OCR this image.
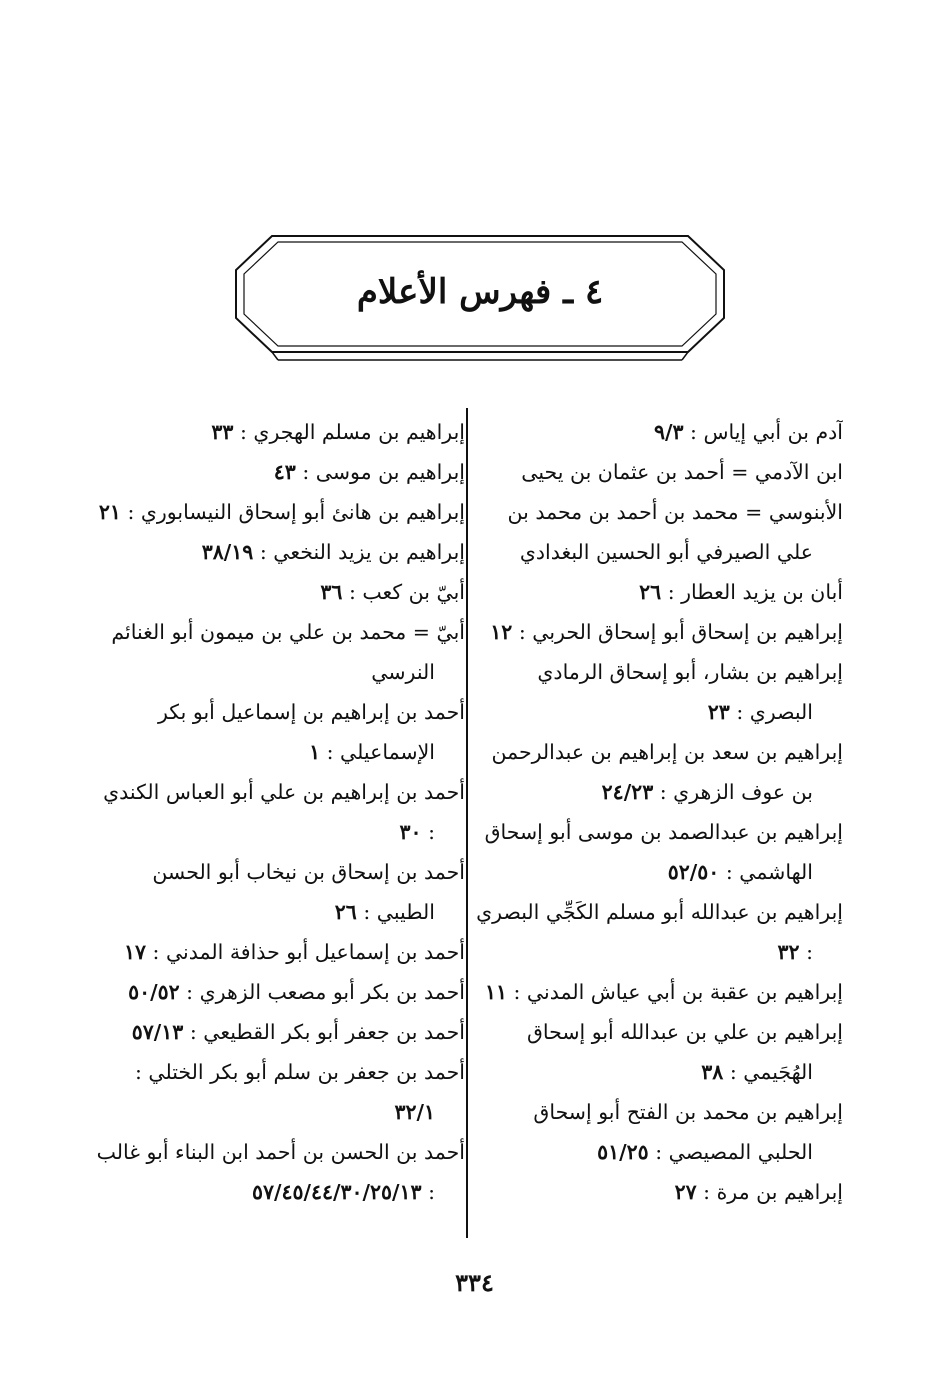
٤ ـ فهرس الأعلام

آدم بن أبي إياس : ٩/٣

ابن الآدمي = أحمد بن عثمان بن يحيى

الأبنوسي = محمد بن أحمد بن محمد بن علي الصيرفي أبو الحسين البغدادي

أبان بن يزيد العطار : ٢٦

إبراهيم بن إسحاق أبو إسحاق الحربي : ١٢

إبراهيم بن بشار، أبو إسحاق الرمادي البصري : ٢٣

إبراهيم بن سعد بن إبراهيم بن عبدالرحمن بن عوف الزهري : ٢٤/٢٣

إبراهيم بن عبدالصمد بن موسى أبو إسحاق الهاشمي : ٥٢/٥٠

إبراهيم بن عبدالله أبو مسلم الكَجِّي البصري : ٣٢

إبراهيم بن عقبة بن أبي عياش المدني : ١١

إبراهيم بن علي بن عبدالله أبو إسحاق الهُجَيمي : ٣٨

إبراهيم بن محمد بن الفتح أبو إسحاق الحلبي المصيصي : ٥١/٢٥

إبراهيم بن مرة : ٢٧

إبراهيم بن مسلم الهجري : ٣٣

إبراهيم بن موسى : ٤٣

إبراهيم بن هانئ أبو إسحاق النيسابوري : ٢١

إبراهيم بن يزيد النخعي : ٣٨/١٩

أبيّ بن كعب : ٣٦

أبيّ = محمد بن علي بن ميمون أبو الغنائم النرسي

أحمد بن إبراهيم بن إسماعيل أبو بكر الإسماعيلي : ١

أحمد بن إبراهيم بن علي أبو العباس الكندي : ٣٠

أحمد بن إسحاق بن نيخاب أبو الحسن الطيبي : ٢٦

أحمد بن إسماعيل أبو حذافة المدني : ١٧

أحمد بن بكر أبو مصعب الزهري : ٥٠/٥٢

أحمد بن جعفر أبو بكر القطيعي : ٥٧/١٣

أحمد بن جعفر بن سلم أبو بكر الختلي : ٣٢/١

أحمد بن الحسن بن أحمد ابن البناء أبو غالب : ٥٧/٤٥/٤٤/٣٠/٢٥/١٣

٣٣٤
